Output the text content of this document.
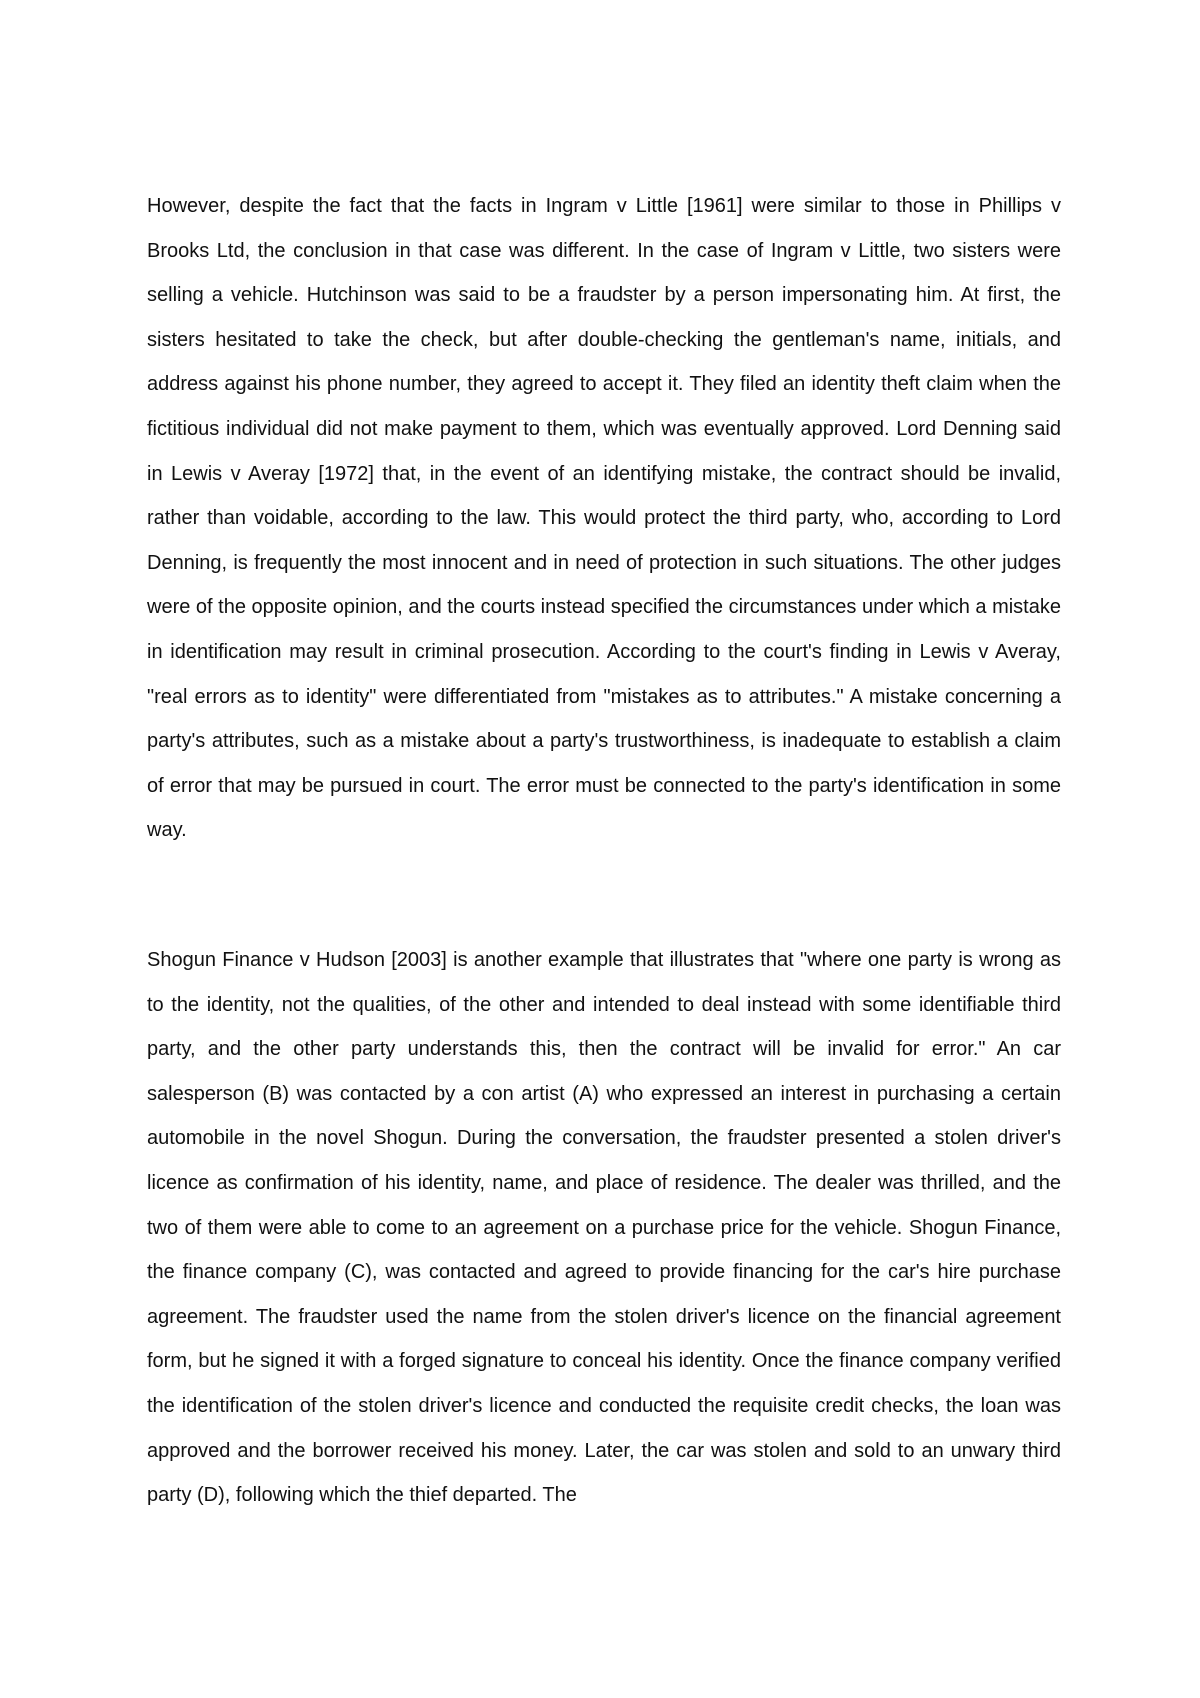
However, despite the fact that the facts in Ingram v Little [1961] were similar to those in Phillips v Brooks Ltd, the conclusion in that case was different. In the case of Ingram v Little, two sisters were selling a vehicle. Hutchinson was said to be a fraudster by a person impersonating him. At first, the sisters hesitated to take the check, but after double-checking the gentleman's name, initials, and address against his phone number, they agreed to accept it. They filed an identity theft claim when the fictitious individual did not make payment to them, which was eventually approved. Lord Denning said in Lewis v Averay [1972] that, in the event of an identifying mistake, the contract should be invalid, rather than voidable, according to the law. This would protect the third party, who, according to Lord Denning, is frequently the most innocent and in need of protection in such situations. The other judges were of the opposite opinion, and the courts instead specified the circumstances under which a mistake in identification may result in criminal prosecution. According to the court's finding in Lewis v Averay, "real errors as to identity" were differentiated from "mistakes as to attributes." A mistake concerning a party's attributes, such as a mistake about a party's trustworthiness, is inadequate to establish a claim of error that may be pursued in court. The error must be connected to the party's identification in some way.

Shogun Finance v Hudson [2003] is another example that illustrates that "where one party is wrong as to the identity, not the qualities, of the other and intended to deal instead with some identifiable third party, and the other party understands this, then the contract will be invalid for error." An car salesperson (B) was contacted by a con artist (A) who expressed an interest in purchasing a certain automobile in the novel Shogun. During the conversation, the fraudster presented a stolen driver's licence as confirmation of his identity, name, and place of residence. The dealer was thrilled, and the two of them were able to come to an agreement on a purchase price for the vehicle. Shogun Finance, the finance company (C), was contacted and agreed to provide financing for the car's hire purchase agreement. The fraudster used the name from the stolen driver's licence on the financial agreement form, but he signed it with a forged signature to conceal his identity. Once the finance company verified the identification of the stolen driver's licence and conducted the requisite credit checks, the loan was approved and the borrower received his money. Later, the car was stolen and sold to an unwary third party (D), following which the thief departed. The
